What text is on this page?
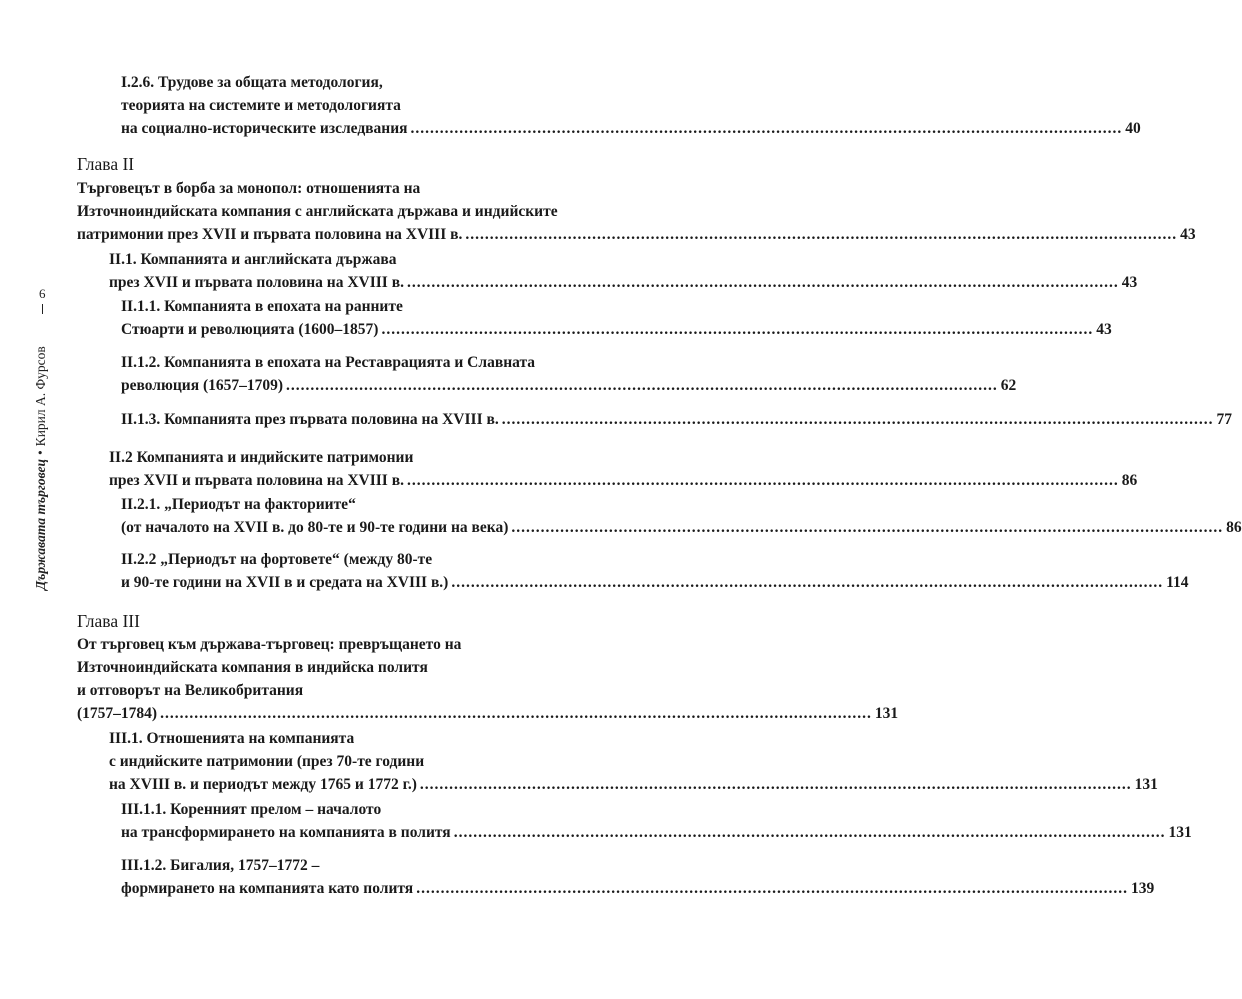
6
Държавата търговец•Кирил А. Фурсов
I.2.6. Трудове за общата методология,
теорията на системите и методологията
на социално-историческите изследвания .................................................................................................................................................. 40
Глава II
Търговецът в борба за монопол: отношенията на
Източноиндийската компания с английската държава и индийските
патримонии през XVII и първата половина на XVIII в. .................................................................................................................................................. 43
II.1. Компанията и английската държава
през XVII и първата половина на XVIII в. .................................................................................................................................................. 43
II.1.1. Компанията в епохата на ранните
Стюарти и революцията (1600–1857) .................................................................................................................................................. 43
II.1.2. Компанията в епохата на Реставрацията и Славната
революция (1657–1709) .................................................................................................................................................. 62
II.1.3. Компанията през първата половина на XVIII в. .................................................................................................................................................. 77
II.2 Компанията и индийските патримонии
през XVII и първата половина на XVIII в. .................................................................................................................................................. 86
II.2.1. „Периодът на факториите“
(от началото на XVII в. до 80-те и 90-те години на века) .................................................................................................................................................. 86
II.2.2 „Периодът на фортовете“ (между 80-те
и 90-те години на XVII в и средата на XVIII в.) .................................................................................................................................................. 114
Глава III
От търговец към държава-търговец: превръщането на
Източноиндийската компания в индийска политя
и отговорът на Великобритания
(1757–1784) .................................................................................................................................................. 131
III.1. Отношенията на компанията
с индийските патримонии (през 70-те години
на XVIII в. и периодът между 1765 и 1772 г.) .................................................................................................................................................. 131
III.1.1. Коренният прелом – началото
на трансформирането на компанията в политя .................................................................................................................................................. 131
III.1.2. Бигалия, 1757–1772 –
формирането на компанията като политя .................................................................................................................................................. 139
